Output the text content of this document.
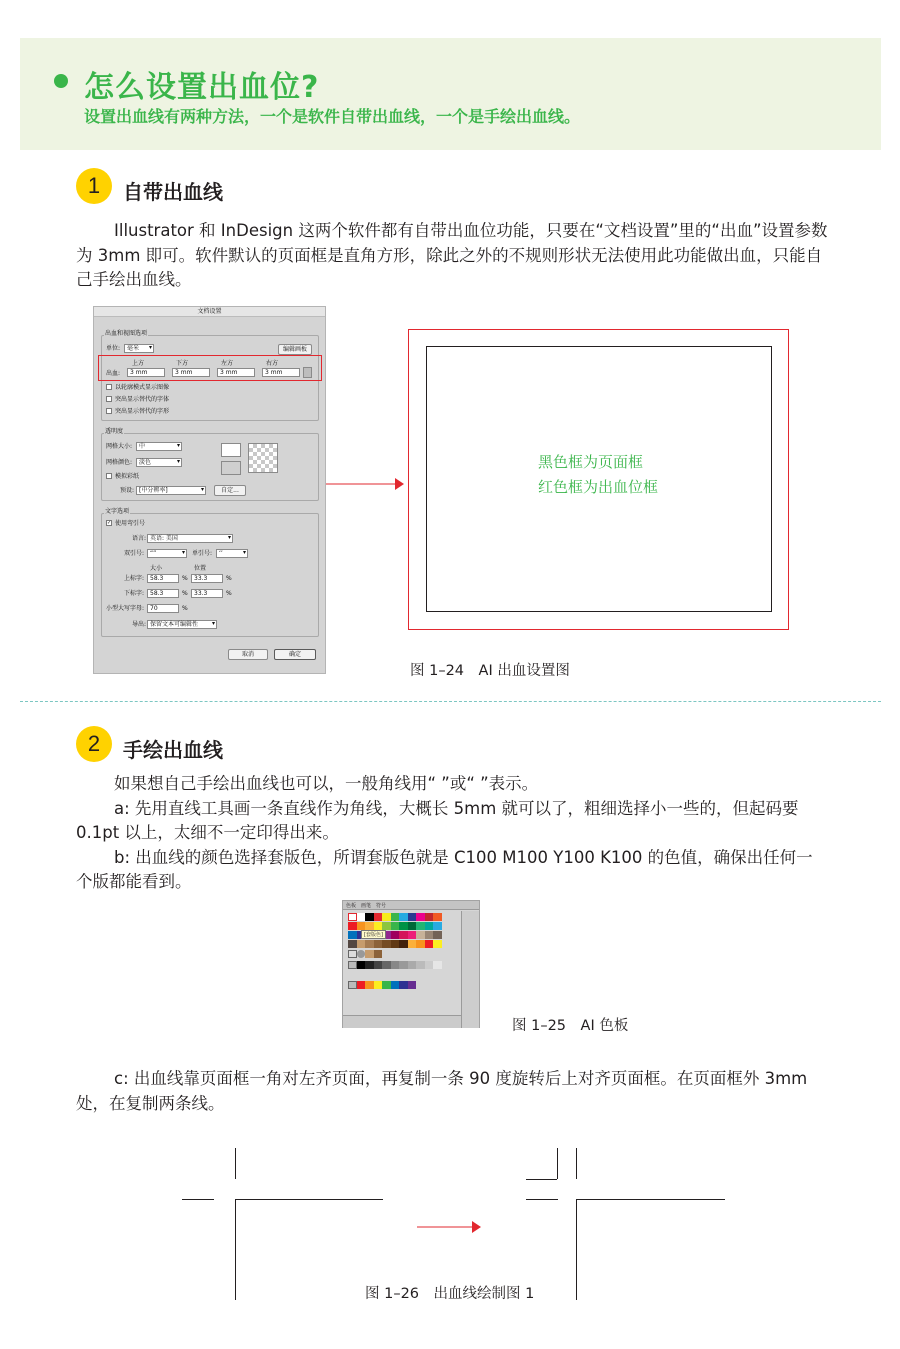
怎么设置出血位?
设置出血线有两种方法，一个是软件自带出血线，一个是手绘出血线。
1	自带出血线

Illustrator 和 InDesign 这两个软件都有自带出血位功能，只要在“文档设置”里的“出血”设置参数为 3mm 即可。软件默认的页面框是直角方形，除此之外的不规则形状无法使用此功能做出血，只能自己手绘出血线。

文档设置
出血和视图选项
单位:	毫米 ▾	编辑画板
上方	下方	左方	右方
出血:	3 mm	3 mm	3 mm	3 mm
以轮廓模式显示图像
突出显示替代的字体
突出显示替代的字形
透明度
网格大小:	中 ▾
网格颜色:	淡色 ▾
模拟彩纸
预设: [中分辨率] ▾	自定...
文字选项
✓ 使用弯引号
语言: 英语: 美国 ▾
双引号: “” ▾	单引号:	‘’ ▾
大小	位置
上标字: 58.3	%	33.3	%
下标字: 58.3	%	33.3	%
小型大写字母: 70	%
导出: 保留文本可编辑性 ▾
取消	确定
黑色框为页面框
红色框为出血位框
图 1–24　AI 出血设置图
2	手绘出血线

如果想自己手绘出血线也可以，一般角线用“ ”或“ ”表示。

a: 先用直线工具画一条直线作为角线，大概长 5mm 就可以了，粗细选择小一些的，但起码要 0.1pt 以上，太细不一定印得出来。

b: 出血线的颜色选择套版色，所谓套版色就是 C100 M100 Y100 K100 的色值，确保出任何一个版都能看到。

色板 画笔 符号
[套版色]
图 1–25　AI 色板

c: 出血线靠页面框一角对左齐页面，再复制一条 90 度旋转后上对齐页面框。在页面框外 3mm 处，在复制两条线。

图 1–26　出血线绘制图 1
